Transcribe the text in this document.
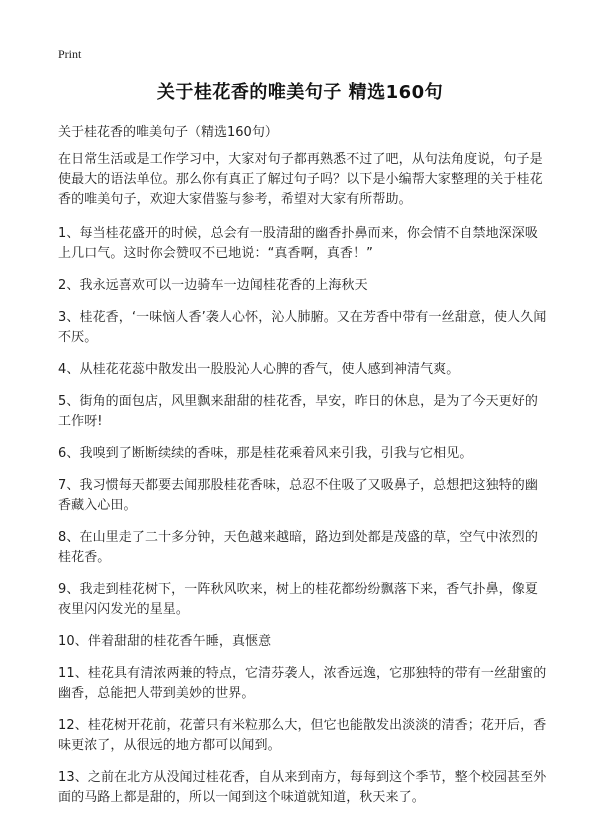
Print
关于桂花香的唯美句子 精选160句
关于桂花香的唯美句子（精选160句）

在日常生活或是工作学习中，大家对句子都再熟悉不过了吧，从句法角度说，句子是使最大的语法单位。那么你有真正了解过句子吗？以下是小编帮大家整理的关于桂花香的唯美句子，欢迎大家借鉴与参考，希望对大家有所帮助。

1、每当桂花盛开的时候，总会有一股清甜的幽香扑鼻而来，你会情不自禁地深深吸上几口气。这时你会赞叹不已地说：“真香啊，真香！”

2、我永远喜欢可以一边骑车一边闻桂花香的上海秋天

3、桂花香，‘一味恼人香’袭人心怀，沁人肺腑。又在芳香中带有一丝甜意，使人久闻不厌。

4、从桂花花蕊中散发出一股股沁人心脾的香气，使人感到神清气爽。

5、街角的面包店，风里飘来甜甜的桂花香，早安，昨日的休息，是为了今天更好的工作呀!

6、我嗅到了断断续续的香味，那是桂花乘着风来引我，引我与它相见。

7、我习惯每天都要去闻那股桂花香味，总忍不住吸了又吸鼻子，总想把这独特的幽香藏入心田。

8、在山里走了二十多分钟，天色越来越暗，路边到处都是茂盛的草，空气中浓烈的桂花香。

9、我走到桂花树下，一阵秋风吹来，树上的桂花都纷纷飘落下来，香气扑鼻，像夏夜里闪闪发光的星星。

10、伴着甜甜的桂花香午睡，真惬意

11、桂花具有清浓两兼的特点，它清芬袭人，浓香远逸，它那独特的带有一丝甜蜜的幽香，总能把人带到美妙的世界。

12、桂花树开花前，花蕾只有米粒那么大，但它也能散发出淡淡的清香；花开后，香味更浓了，从很远的地方都可以闻到。

13、之前在北方从没闻过桂花香，自从来到南方，每每到这个季节，整个校园甚至外面的马路上都是甜的，所以一闻到这个味道就知道，秋天来了。
